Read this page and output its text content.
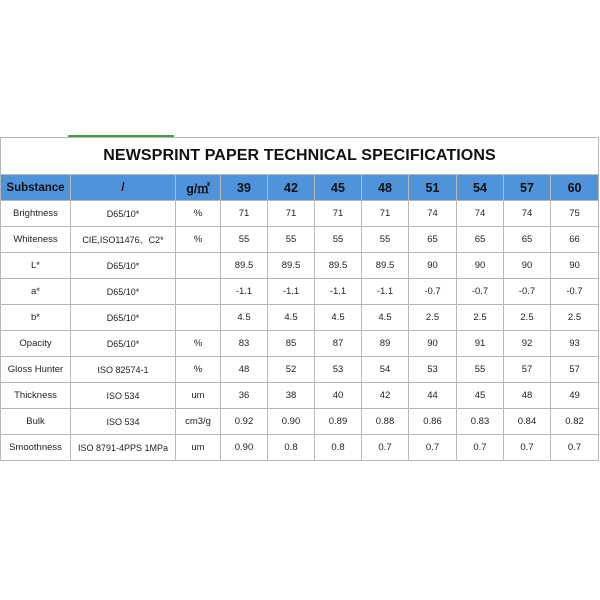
NEWSPRINT PAPER TECHNICAL SPECIFICATIONS										
Substance	/	g/㎡	39	42	45	48	51	54	57	60
Brightness	D65/10*	%	71	71	71	71	74	74	74	75
Whiteness	CIE,ISO11476、C2*	%	55	55	55	55	65	65	65	66
L*	D65/10*		89.5	89.5	89.5	89.5	90	90	90	90
a*	D65/10*		-1.1	-1.1	-1.1	-1.1	-0.7	-0.7	-0.7	-0.7
b*	D65/10*		4.5	4.5	4.5	4.5	2.5	2.5	2.5	2.5
Opacity	D65/10*	%	83	85	87	89	90	91	92	93
Gloss Hunter	ISO 82574-1	%	48	52	53	54	53	55	57	57
Thickness	ISO 534	um	36	38	40	42	44	45	48	49
Bulk	ISO 534	cm3/g	0.92	0.90	0.89	0.88	0.86	0.83	0.84	0.82
Smoothness	ISO 8791-4PPS 1MPa	um	0.90	0.8	0.8	0.7	0.7	0.7	0.7	0.7
